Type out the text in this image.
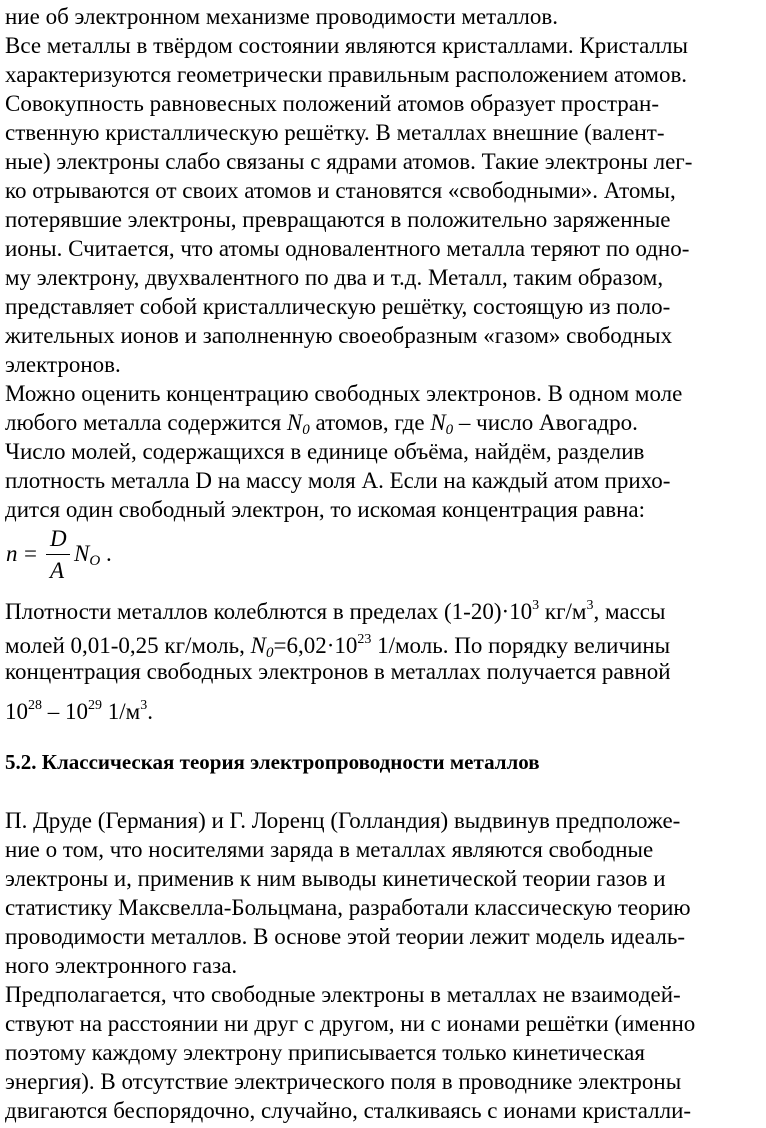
ние об электронном механизме проводимости металлов.
Все металлы в твёрдом состоянии являются кристаллами. Кристаллы
характеризуются геометрически правильным расположением атомов.
Совокупность равновесных положений атомов образует простран-
ственную кристаллическую решётку. В металлах внешние (валент-
ные) электроны слабо связаны с ядрами атомов. Такие электроны лег-
ко отрываются от своих атомов и становятся «свободными». Атомы,
потерявшие электроны, превращаются в положительно заряженные
ионы. Считается, что атомы одновалентного металла теряют по одно-
му электрону, двухвалентного по два и т.д. Металл, таким образом,
представляет собой кристаллическую решётку, состоящую из поло-
жительных ионов и заполненную своеобразным «газом» свободных
электронов.
Можно оценить концентрацию свободных электронов. В одном моле
любого металла содержится $N_0$ атомов, где $N_0$ – число Авогадро.
Число молей, содержащихся в единице объёма, найдём, разделив
плотность металла D на массу моля A. Если на каждый атом прихо-
дится один свободный электрон, то искомая концентрация равна:
n =
D
A
$N_O$ .
Плотности металлов колеблются в пределах $(1-20)\cdot 10^3$ $кг/м^3$, массы
молей 0,01-0,25 кг/моль, $N_0=6,02\cdot 10^{23}$ 1/моль. По порядку величины
концентрация свободных электронов в металлах получается равной
$10^{28} - 10^{29}$ $1/м^3$.
5.2. Классическая теория электропроводности металлов
П. Друде (Германия) и Г. Лоренц (Голландия) выдвинув предположе-
ние о том, что носителями заряда в металлах являются свободные
электроны и, применив к ним выводы кинетической теории газов и
статистику Максвелла-Больцмана, разработали классическую теорию
проводимости металлов. В основе этой теории лежит модель идеаль-
ного электронного газа.
Предполагается, что свободные электроны в металлах не взаимодей-
ствуют на расстоянии ни друг с другом, ни с ионами решётки (именно
поэтому каждому электрону приписывается только кинетическая
энергия). В отсутствие электрического поля в проводнике электроны
двигаются беспорядочно, случайно, сталкиваясь с ионами кристалли-
